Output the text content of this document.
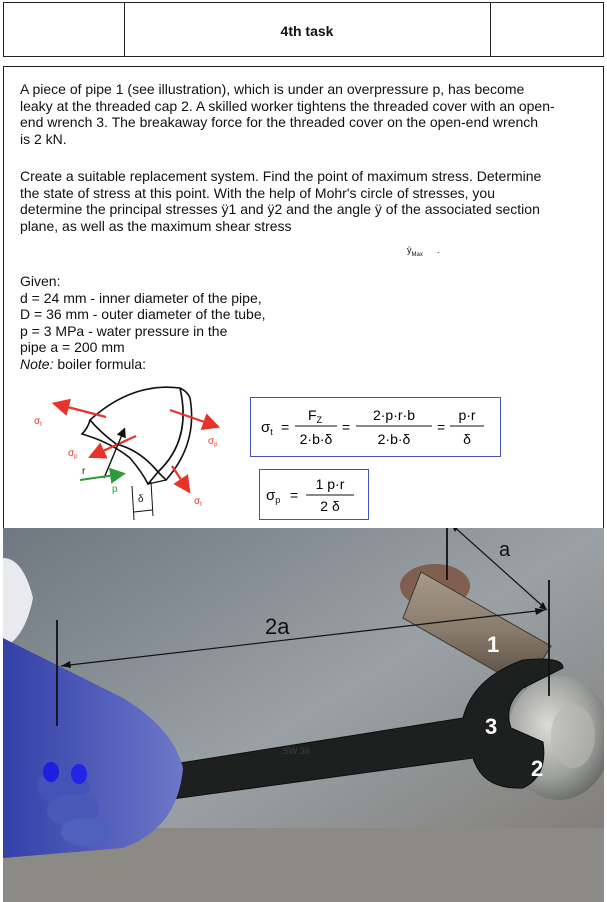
4th task
A piece of pipe 1 (see illustration), which is under an overpressure p, has become
leaky at the threaded cap 2. A skilled worker tightens the threaded cover with an open-
end wrench 3. The breakaway force for the threaded cover on the open-end wrench
is 2 kN.
Create a suitable replacement system. Find the point of maximum stress. Determine
the state of stress at this point. With the help of Mohr's circle of stresses, you
determine the principal stresses ÿ1 and ÿ2 and the angle ÿ of the associated section
plane, as well as the maximum shear stress
$ÿ_{Max}$ .
Given:
d = 24 mm - inner diameter of the pipe,
D = 36 mm - outer diameter of the tube,
p = 3 MPa - water pressure in the
pipe a = 200 mm
Note: boiler formula:
$\sigma_t$
$\sigma_p$
$\sigma_p$
$\sigma_t$
r
p
δ
$\sigma_t$ =
$F_Z$
2·b·δ
=
2·p·r·b
2·b·δ
=
p·r
δ
$\sigma_p$ =
1 p·r
2 δ
SW 36
a
2a
1
3
2
